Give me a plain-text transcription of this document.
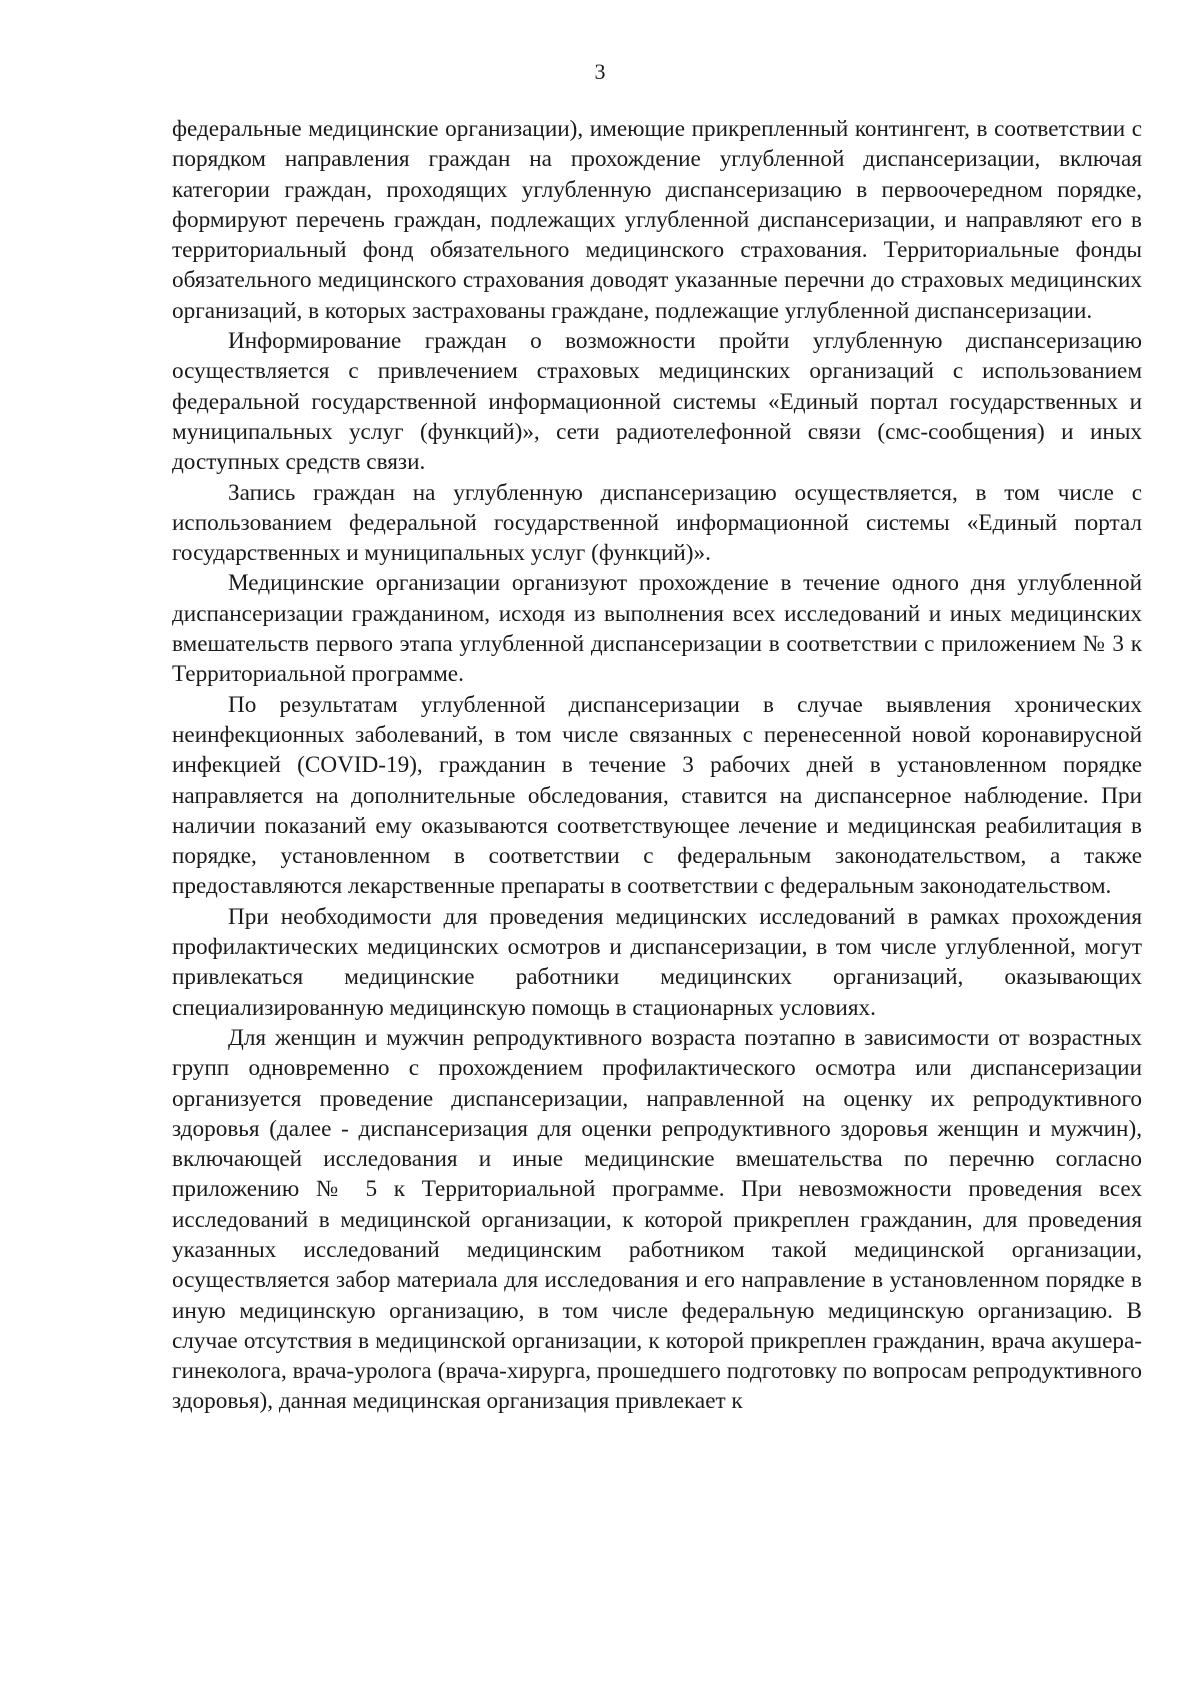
3

федеральные медицинские организации), имеющие прикрепленный контингент, в соответствии с порядком направления граждан на прохождение углубленной диспансеризации, включая категории граждан, проходящих углубленную диспансеризацию в первоочередном порядке, формируют перечень граждан, подлежащих углубленной диспансеризации, и направляют его в территориальный фонд обязательного медицинского страхования. Территориальные фонды обязательного медицинского страхования доводят указанные перечни до страховых медицинских организаций, в которых застрахованы граждане, подлежащие углубленной диспансеризации.

Информирование граждан о возможности пройти углубленную диспансеризацию осуществляется с привлечением страховых медицинских организаций с использованием федеральной государственной информационной системы «Единый портал государственных и муниципальных услуг (функций)», сети радиотелефонной связи (смс-сообщения) и иных доступных средств связи.

Запись граждан на углубленную диспансеризацию осуществляется, в том числе с использованием федеральной государственной информационной системы «Единый портал государственных и муниципальных услуг (функций)».

Медицинские организации организуют прохождение в течение одного дня углубленной диспансеризации гражданином, исходя из выполнения всех исследований и иных медицинских вмешательств первого этапа углубленной диспансеризации в соответствии с приложением № 3 к Территориальной программе.

По результатам углубленной диспансеризации в случае выявления хронических неинфекционных заболеваний, в том числе связанных с перенесенной новой коронавирусной инфекцией (COVID-19), гражданин в течение 3 рабочих дней в установленном порядке направляется на дополнительные обследования, ставится на диспансерное наблюдение. При наличии показаний ему оказываются соответствующее лечение и медицинская реабилитация в порядке, установленном в соответствии с федеральным законодательством, а также предоставляются лекарственные препараты в соответствии с федеральным законодательством.

При необходимости для проведения медицинских исследований в рамках прохождения профилактических медицинских осмотров и диспансеризации, в том числе углубленной, могут привлекаться медицинские работники медицинских организаций, оказывающих специализированную медицинскую помощь в стационарных условиях.

Для женщин и мужчин репродуктивного возраста поэтапно в зависимости от возрастных групп одновременно с прохождением профилактического осмотра или диспансеризации организуется проведение диспансеризации, направленной на оценку их репродуктивного здоровья (далее - диспансеризация для оценки репродуктивного здоровья женщин и мужчин), включающей исследования и иные медицинские вмешательства по перечню согласно приложению № 5 к Территориальной программе. При невозможности проведения всех исследований в медицинской организации, к которой прикреплен гражданин, для проведения указанных исследований медицинским работником такой медицинской организации, осуществляется забор материала для исследования и его направление в установленном порядке в иную медицинскую организацию, в том числе федеральную медицинскую организацию. В случае отсутствия в медицинской организации, к которой прикреплен гражданин, врача акушера-гинеколога, врача-уролога (врача-хирурга, прошедшего подготовку по вопросам репродуктивного здоровья), данная медицинская организация привлекает к
